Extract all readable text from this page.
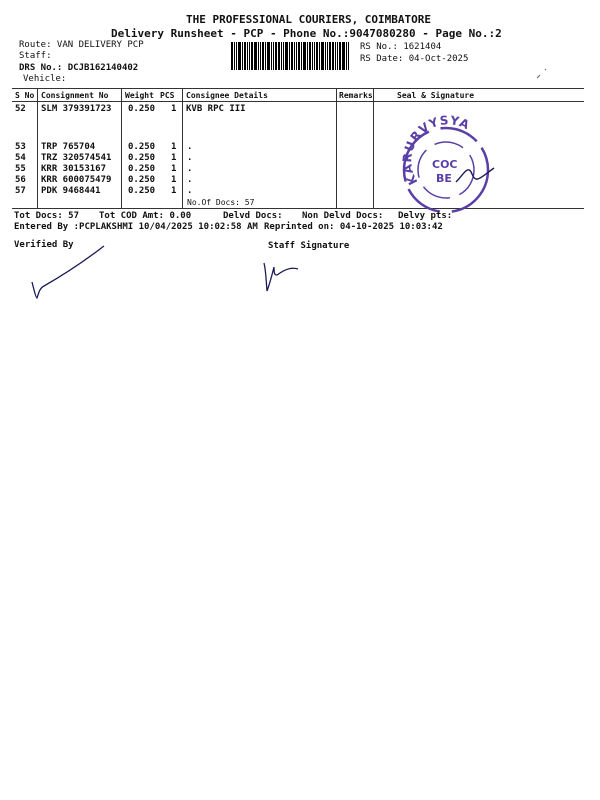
THE PROFESSIONAL COURIERS, COIMBATORE
Delivery Runsheet - PCP - Phone No.:9047080280 - Page No.:2
Route: VAN DELIVERY PCP
Staff:
DRS No.: DCJB162140402
Vehicle:
RS No.: 1621404
RS Date: 04-Oct-2025
S No Consignment No Weight PCS Consignee Details	Remarks	Seal & Signature
52 SLM 379391723 0.250 1 KVB RPC III
53 TRP 765704	0.250 1 .
54 TRZ 320574541 0.250 1 .
55 KRR 30153167 0.250 1 .
56 KRR 600075479 0.250 1 .
57 PDK 9468441	0.250 1 .
No.Of Docs: 57
KARURVYSYA
COC
BE
Tot Docs: 57 Tot COD Amt: 0.00	Delvd Docs: Non Delvd Docs: Delvy pts:
Entered By :PCPLAKSHMI 10/04/2025 10:02:58 AM Reprinted on: 04-10-2025 10:03:42
Verified By	Staff Signature
